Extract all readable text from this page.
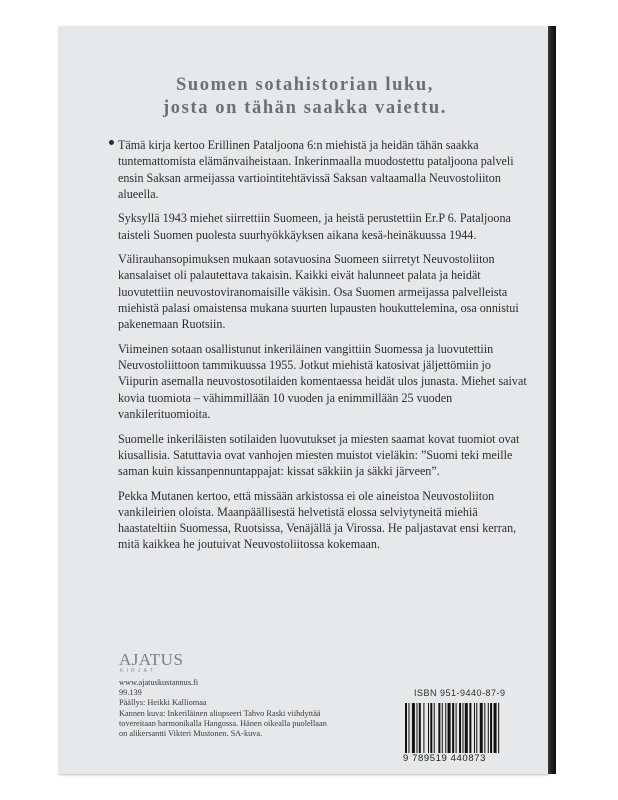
Suomen sotahistorian luku,
josta on tähän saakka vaiettu.

Tämä kirja kertoo Erillinen Pataljoona 6:n miehistä ja heidän tähän saakka tuntemattomista elämänvaiheistaan. Inkerinmaalla muodostettu pataljoona palveli ensin Saksan armeijassa vartiointitehtävissä Saksan valtaamalla Neuvostoliiton alueella.

Syksyllä 1943 miehet siirrettiin Suomeen, ja heistä perustettiin Er.P 6. Pataljoona taisteli Suomen puolesta suurhyökkäyksen aikana kesä-heinäkuussa 1944.

Välirauhansopimuksen mukaan sotavuosina Suomeen siirretyt Neuvostoliiton kansalaiset oli palautettava takaisin. Kaikki eivät halunneet palata ja heidät luovutettiin neuvostoviranomaisille väkisin. Osa Suomen armeijassa palvelleista miehistä palasi omaistensa mukana suurten lupausten houkuttelemina, osa onnistui pakenemaan Ruotsiin.

Viimeinen sotaan osallistunut inkeriläinen vangittiin Suomessa ja luovutettiin Neuvostoliittoon tammikuussa 1955. Jotkut miehistä katosivat jäljettömiin jo Viipurin asemalla neuvostosotilaiden komentaessa heidät ulos junasta. Miehet saivat kovia tuomiota – vähimmillään 10 vuoden ja enimmillään 25 vuoden vankilerituomioita.

Suomelle inkeriläisten sotilaiden luovutukset ja miesten saamat kovat tuomiot ovat kiusallisia. Satuttavia ovat vanhojen miesten muistot vieläkin: ”Suomi teki meille saman kuin kissanpennuntappajat: kissat säkkiin ja säkki järveen”.

Pekka Mutanen kertoo, että missään arkistossa ei ole aineistoa Neuvostoliiton vankileirien oloista. Maanpäällisestä helvetistä elossa selviytyneitä miehiä haastateltiin Suomessa, Ruotsissa, Venäjällä ja Virossa. He paljastavat ensi kerran, mitä kaikkea he joutuivat Neuvostoliitossa kokemaan.

AJATUS
KIRJAT
www.ajatuskustannus.fi
99.139
Päällys: Heikki Kalliomaa
Kannen kuva: Inkeriläinen aliupseeri Tahvo Raski viihdyttää
tovereitaan harmonikalla Hangossa. Hänen oikealla puolellaan
on alikersantti Vikteri Mustonen. SA-kuva.
ISBN 951-9440-87-9
9 789519 440873
